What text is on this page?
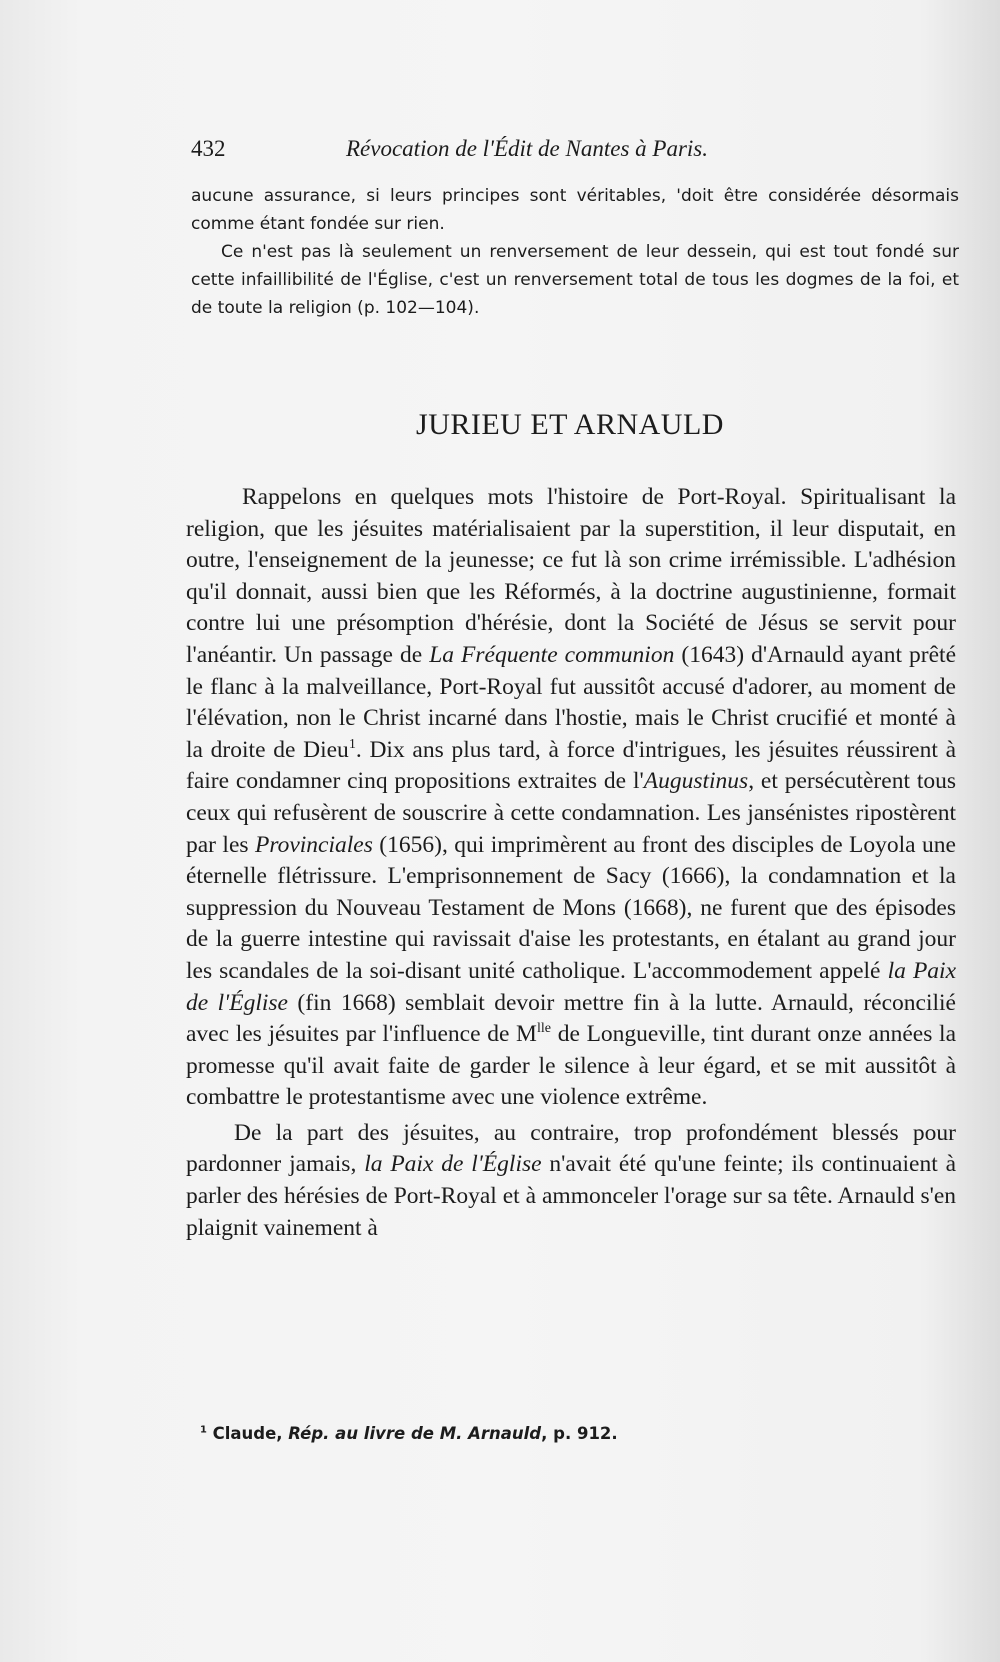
432	Révocation de l'Édit de Nantes à Paris.

aucune assurance, si leurs principes sont véritables, 'doit être considérée désormais comme étant fondée sur rien.

Ce n'est pas là seulement un renversement de leur dessein, qui est tout fondé sur cette infaillibilité de l'Église, c'est un renversement total de tous les dogmes de la foi, et de toute la religion (p. 102—104).

JURIEU ET ARNAULD

Rappelons en quelques mots l'histoire de Port-Royal. Spiritualisant la religion, que les jésuites matérialisaient par la superstition, il leur disputait, en outre, l'enseignement de la jeunesse; ce fut là son crime irrémissible. L'adhésion qu'il donnait, aussi bien que les Réformés, à la doctrine augustinienne, formait contre lui une présomption d'hérésie, dont la Société de Jésus se servit pour l'anéantir. Un passage de La Fréquente communion (1643) d'Arnauld ayant prêté le flanc à la malveillance, Port-Royal fut aussitôt accusé d'adorer, au moment de l'élévation, non le Christ incarné dans l'hostie, mais le Christ crucifié et monté à la droite de Dieu$^1$. Dix ans plus tard, à force d'intrigues, les jésuites réussirent à faire condamner cinq propositions extraites de l'Augustinus, et persécutèrent tous ceux qui refusèrent de souscrire à cette condamnation. Les jansénistes ripostèrent par les Provinciales (1656), qui imprimèrent au front des disciples de Loyola une éternelle flétrissure. L'emprisonnement de Sacy (1666), la condamnation et la suppression du Nouveau Testament de Mons (1668), ne furent que des épisodes de la guerre intestine qui ravissait d'aise les protestants, en étalant au grand jour les scandales de la soi-disant unité catholique. L'accommodement appelé la Paix de l'Église (fin 1668) semblait devoir mettre fin à la lutte. Arnauld, réconcilié avec les jésuites par l'influence de $M^{lle}$ de Longueville, tint durant onze années la promesse qu'il avait faite de garder le silence à leur égard, et se mit aussitôt à combattre le protestantisme avec une violence extrême.

De la part des jésuites, au contraire, trop profondément blessés pour pardonner jamais, la Paix de l'Église n'avait été qu'une feinte; ils continuaient à parler des hérésies de Port-Royal et à ammonceler l'orage sur sa tête. Arnauld s'en plaignit vainement à

$^1$ Claude, Rép. au livre de M. Arnauld, p. 912.
